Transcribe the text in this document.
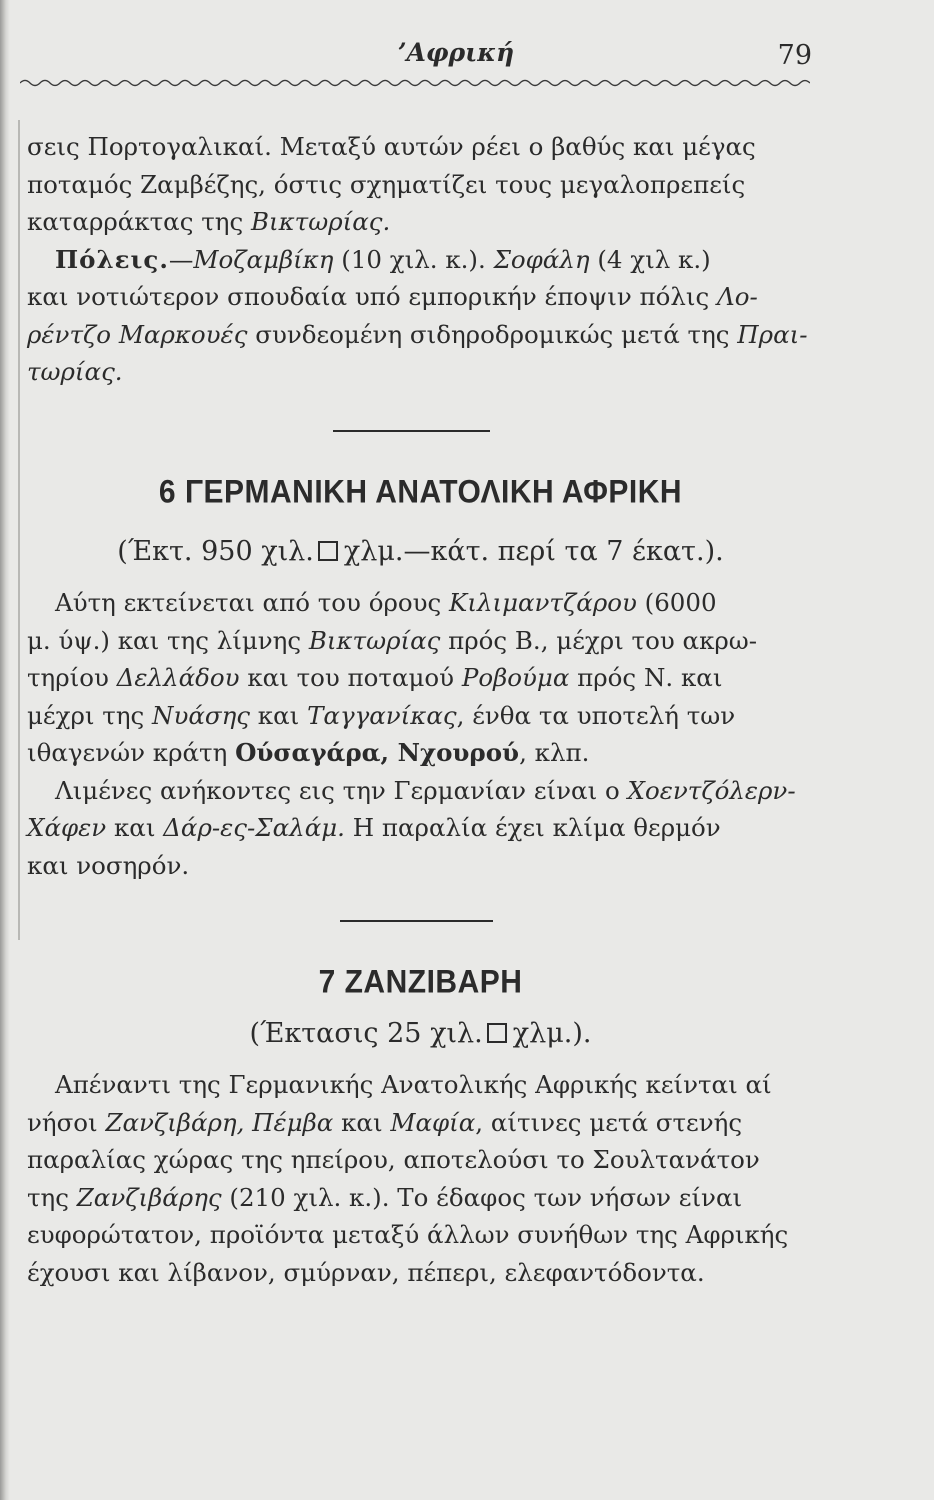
’Αφρική	79
σεις Πορτογαλικαί. Μεταξύ αυτών ρέει ο βαθύς και μέγας
ποταμός Ζαμβέζης, όστις σχηματίζει τους μεγαλοπρεπείς
καταρράκτας της Βικτωρίας.
Πόλεις.—Μοζαμβίκη (10 χιλ. κ.). Σοφάλη (4 χιλ κ.)
και νοτιώτερον σπουδαία υπό εμπορικήν έποψιν πόλις Λο-
ρέντζο Μαρκουές συνδεομένη σιδηροδρομικώς μετά της Πραι-
τωρίας.
6 ΓΕΡΜΑΝΙΚΗ ΑΝΑΤΟΛΙΚΗ ΑΦΡΙΚΗ
(Έκτ. 950 χιλ. χλμ.—κάτ. περί τα 7 έκατ.).
Αύτη εκτείνεται από του όρους Κιλιμαντζάρου (6000
μ. ύψ.) και της λίμνης Βικτωρίας πρός Β., μέχρι του ακρω-
τηρίου Δελλάδου και του ποταμού Ροβούμα πρός Ν. και
μέχρι της Νυάσης και Ταγγανίκας, ένθα τα υποτελή των
ιθαγενών κράτη Ούσαγάρα, Νχουρού, κλπ.
Λιμένες ανήκοντες εις την Γερμανίαν είναι ο Χοεντζόλερν-
Χάφεν και Δάρ-ες-Σαλάμ. Η παραλία έχει κλίμα θερμόν
και νοσηρόν.
7 ΖΑΝΖΙΒΑΡΗ
(Έκτασις 25 χιλ. χλμ.).
Απέναντι της Γερμανικής Ανατολικής Αφρικής κείνται αί
νήσοι Ζανζιβάρη, Πέμβα και Μαφία, αίτινες μετά στενής
παραλίας χώρας της ηπείρου, αποτελούσι το Σουλτανάτον
της Ζανζιβάρης (210 χιλ. κ.). Το έδαφος των νήσων είναι
ευφορώτατον, προϊόντα μεταξύ άλλων συνήθων της Αφρικής
έχουσι και λίβανον, σμύρναν, πέπερι, ελεφαντόδοντα.
